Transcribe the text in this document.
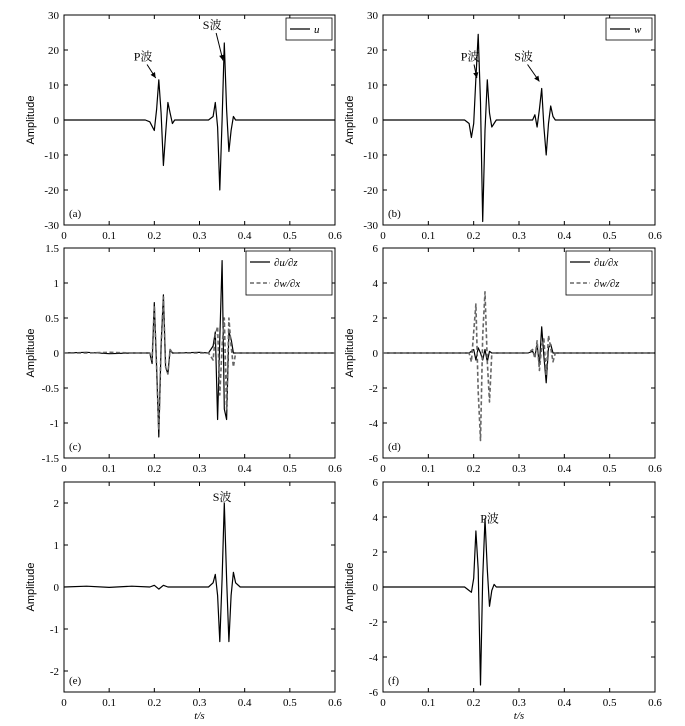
0	0.1	0.2	0.3	0.4	0.5	0.6
30
20
10
0
-10
-20
-30
Amplitude
(a)
u
P波
S波
0	0.1	0.2	0.3	0.4	0.5	0.6
30
20
10
0
-10
-20
-30
Amplitude
(b)
w
P波	S波
0	0.1	0.2	0.3	0.4	0.5	0.6
1.5
1
0.5
0
-0.5
-1
-1.5
Amplitude
(c)
∂u/∂z
∂w/∂x
0	0.1	0.2	0.3	0.4	0.5	0.6
6
4
2
0
-2
-4
-6
Amplitude
(d)
∂u/∂x
∂w/∂z
0	0.1	0.2	0.3	0.4	0.5	0.6
2
1
0
-1
-2
Amplitude
t/s
(e)
S波
0	0.1	0.2	0.3	0.4	0.5	0.6
6
4
2
0
-2
-4
-6
Amplitude
t/s
(f)
P波
